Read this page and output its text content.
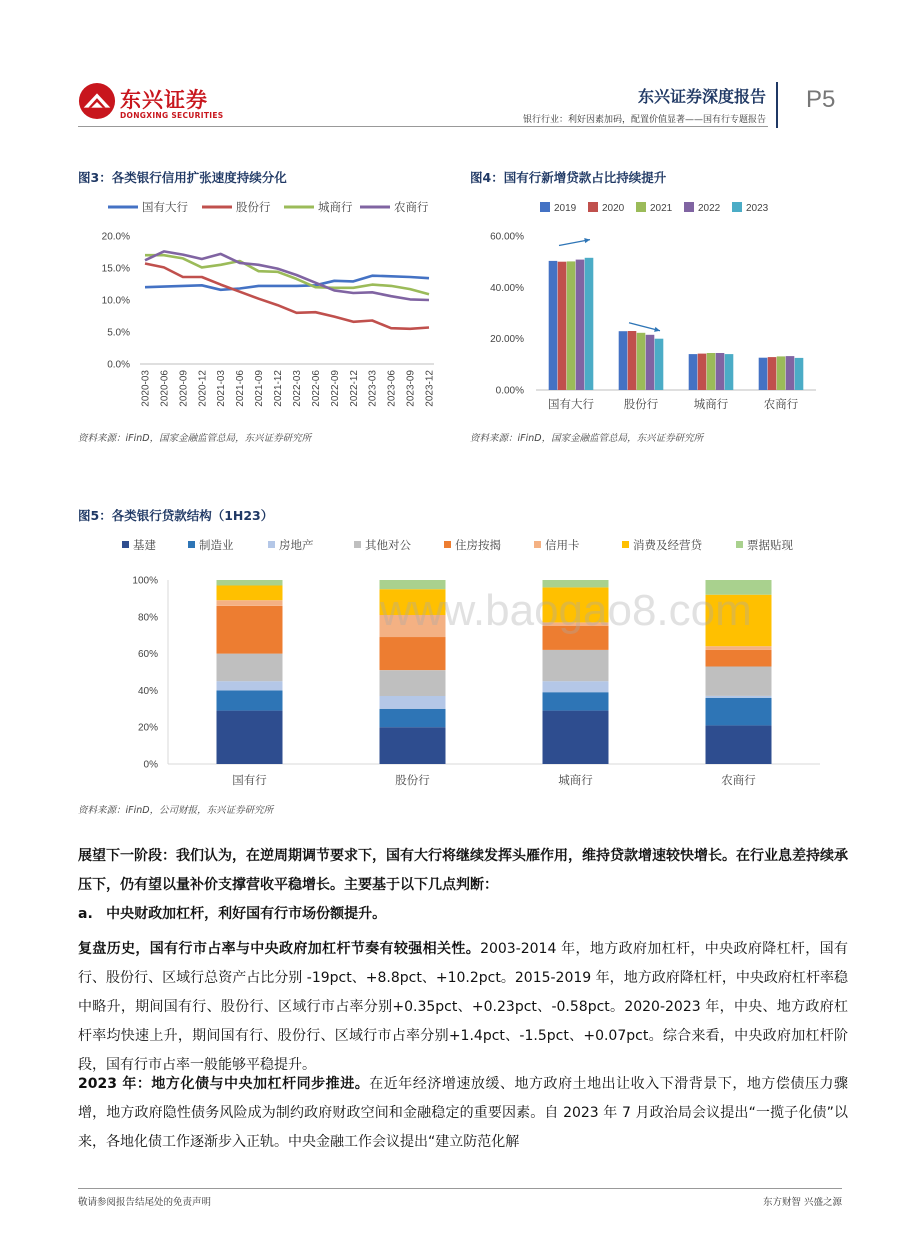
东兴证券
DONGXING SECURITIES
东兴证券深度报告
银行行业：利好因素加码，配置价值显著——国有行专题报告
P5
图3：各类银行信用扩张速度持续分化
国有大行	股份行	城商行	农商行
0.0%
5.0%
10.0%
15.0%
20.0%
2020-03 2020-06 2020-09 2020-12 2021-03 2021-06 2021-09 2021-12 2022-03 2022-06 2022-09 2022-12 2023-03 2023-06 2023-09 2023-12
资料来源：iFinD，国家金融监管总局，东兴证券研究所
图4：国有行新增贷款占比持续提升
2019	2020	2021	2022	2023
0.00%
20.00%
40.00%
60.00%
国有大行	股份行	城商行	农商行
资料来源：iFinD，国家金融监管总局，东兴证券研究所
图5：各类银行贷款结构（1H23）
基建	制造业	房地产	其他对公	住房按揭	信用卡	消费及经营贷	票据贴现
0%
20%
40%
60%
80%
100%
国有行	股份行	城商行	农商行
资料来源：iFinD，公司财报，东兴证券研究所
www.baogao8.com
展望下一阶段：我们认为，在逆周期调节要求下，国有大行将继续发挥头雁作用，维持贷款增速较快增长。在行业息差持续承压下，仍有望以量补价支撑营收平稳增长。主要基于以下几点判断：
a. 中央财政加杠杆，利好国有行市场份额提升。
复盘历史，国有行市占率与中央政府加杠杆节奏有较强相关性。2003-2014 年，地方政府加杠杆，中央政府降杠杆，国有行、股份行、区域行总资产占比分别 -19pct、+8.8pct、+10.2pct。2015-2019 年，地方政府降杠杆，中央政府杠杆率稳中略升，期间国有行、股份行、区域行市占率分别+0.35pct、+0.23pct、-0.58pct。2020-2023 年，中央、地方政府杠杆率均快速上升，期间国有行、股份行、区域行市占率分别+1.4pct、-1.5pct、+0.07pct。综合来看，中央政府加杠杆阶段，国有行市占率一般能够平稳提升。
2023 年：地方化债与中央加杠杆同步推进。在近年经济增速放缓、地方政府土地出让收入下滑背景下，地方偿债压力骤增，地方政府隐性债务风险成为制约政府财政空间和金融稳定的重要因素。自 2023 年 7 月政治局会议提出“一揽子化债”以来，各地化债工作逐渐步入正轨。中央金融工作会议提出“建立防范化解
敬请参阅报告结尾处的免责声明	东方财智 兴盛之源
